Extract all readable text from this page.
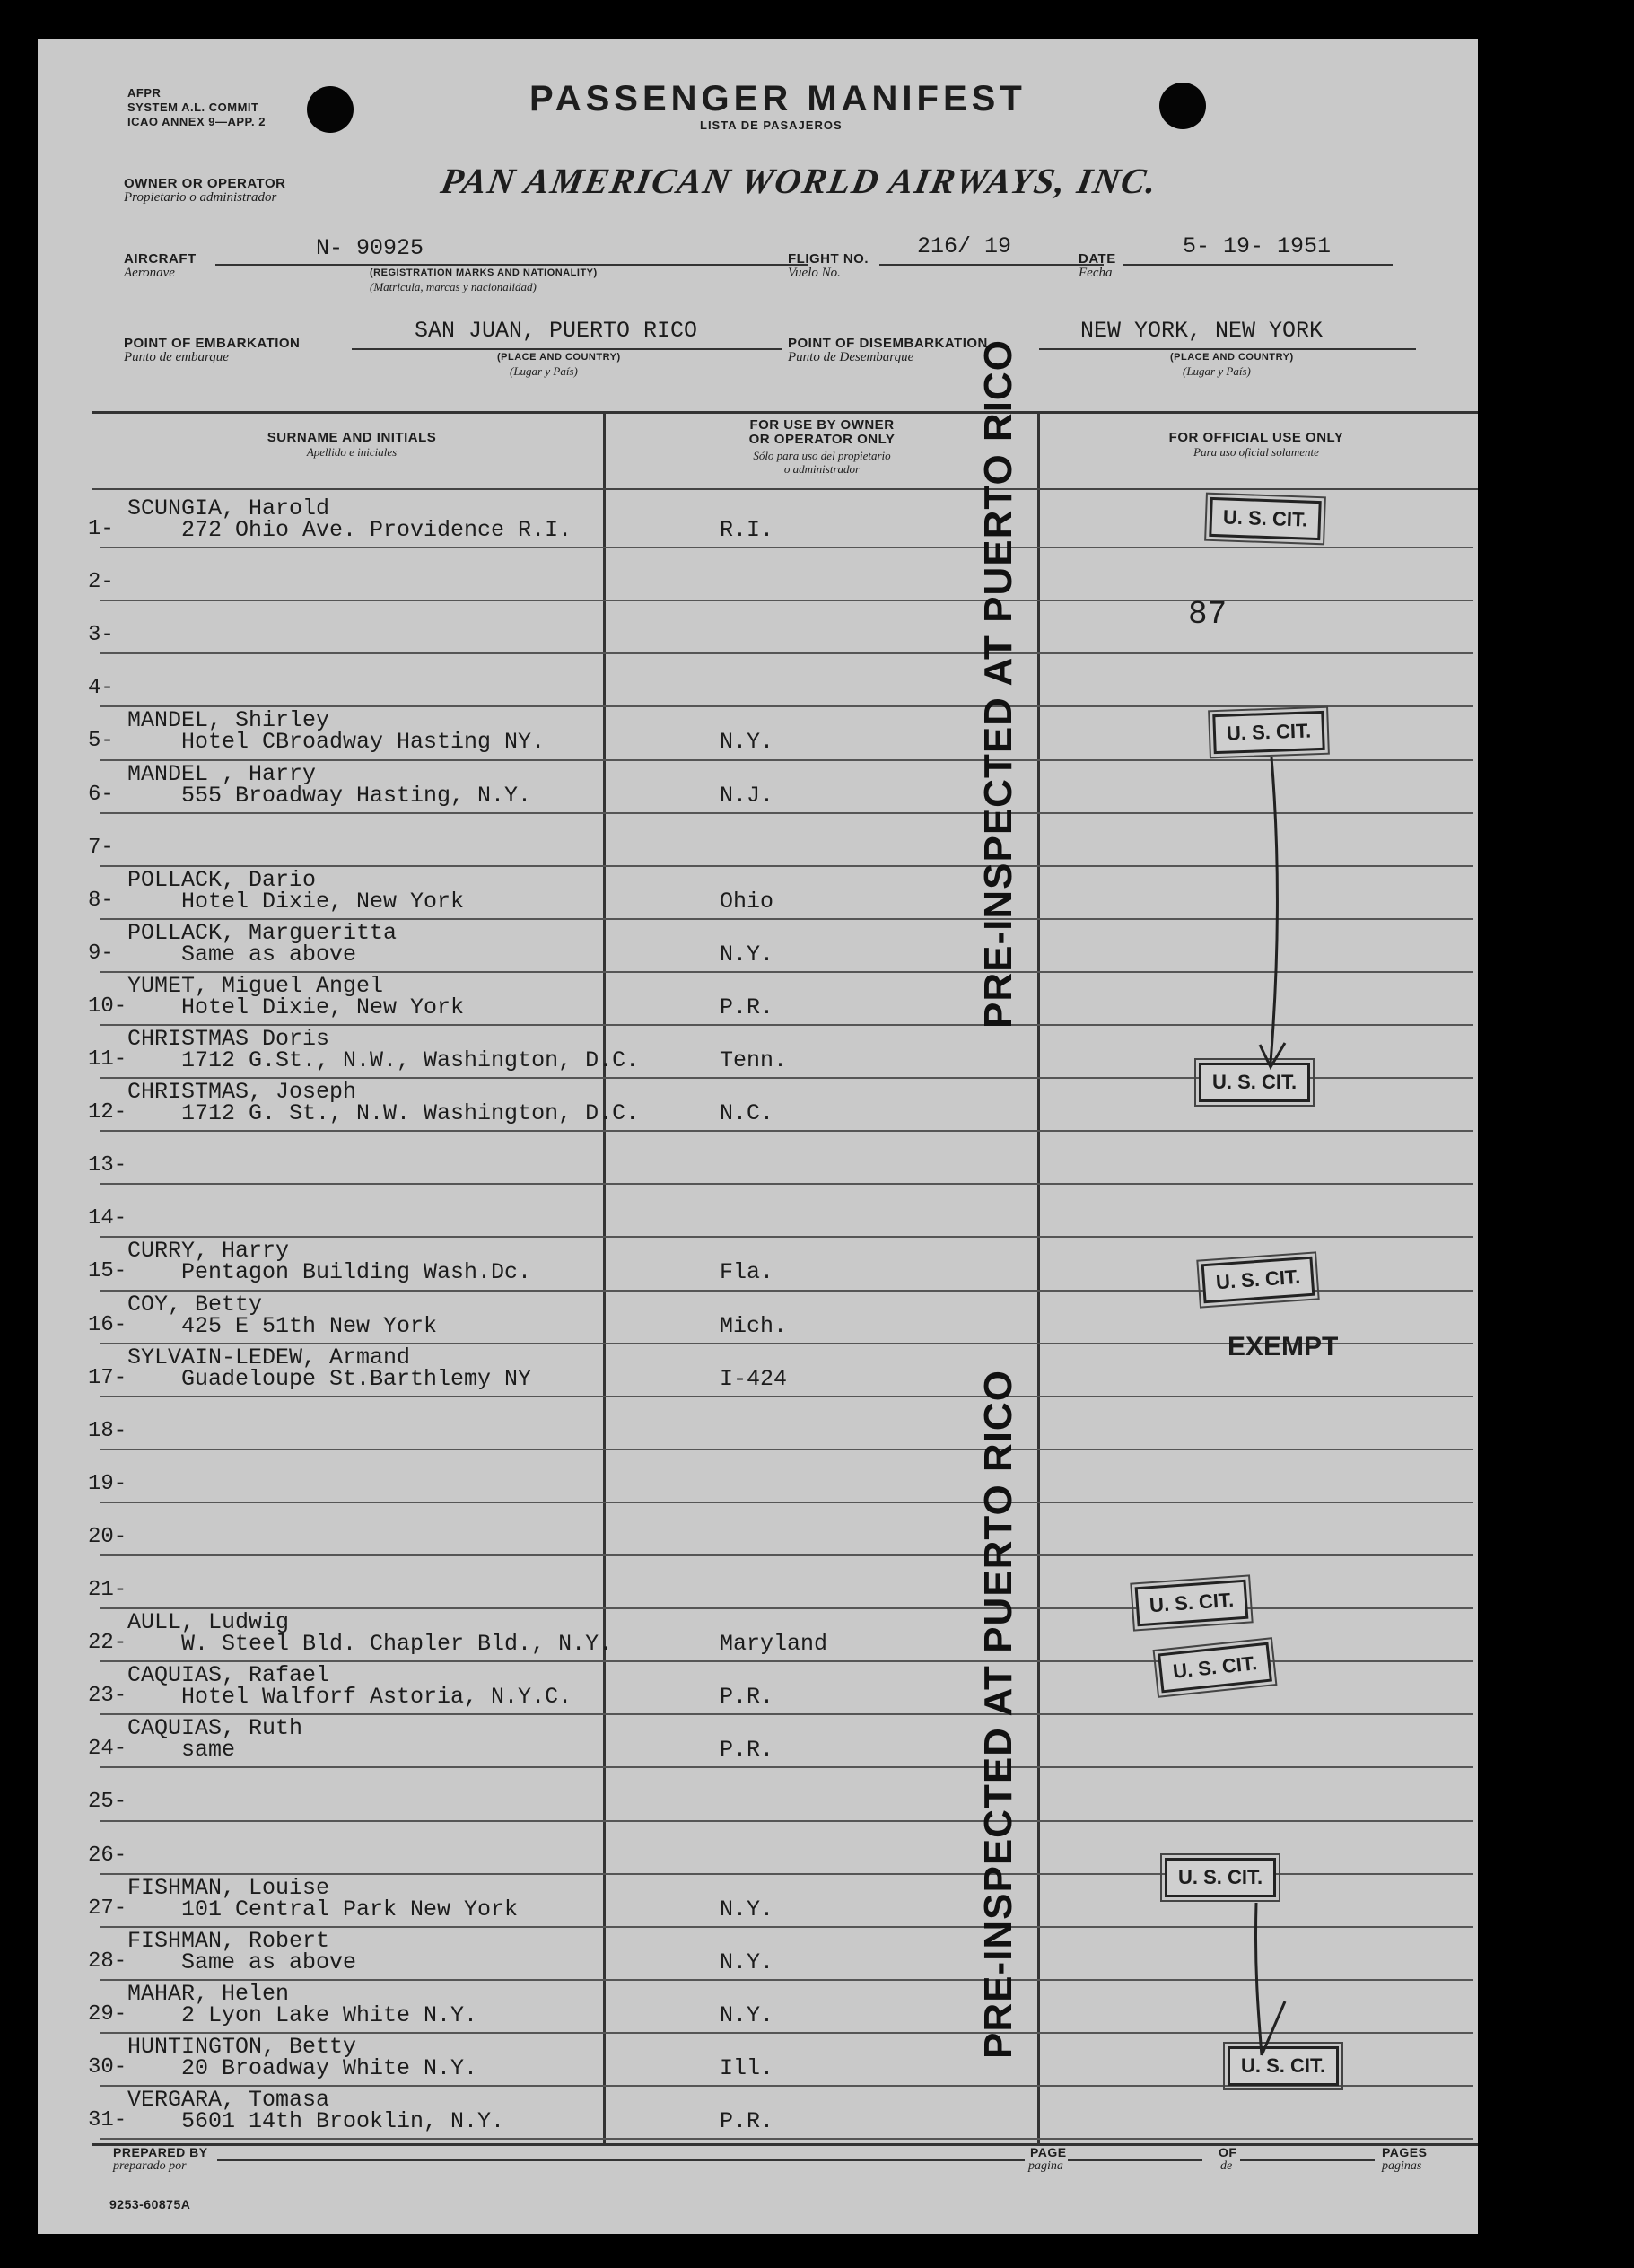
AFPR
SYSTEM A.L. COMMIT
ICAO ANNEX 9—APP. 2
PASSENGER MANIFEST
LISTA DE PASAJEROS
OWNER OR OPERATOR
Propietario o administrador	PAN AMERICAN WORLD AIRWAYS, INC.
AIRCRAFT
Aeronave
N- 90925
(REGISTRATION MARKS AND NATIONALITY)
(Matricula, marcas y nacionalidad)
FLIGHT NO.
Vuelo No.
216/ 19	DATE
Fecha
5- 19- 1951
POINT OF EMBARKATION
Punto de embarque
SAN JUAN, PUERTO RICO
(PLACE AND COUNTRY)
(Lugar y País)
POINT OF DISEMBARKATION
Punto de Desembarque
NEW YORK, NEW YORK
(PLACE AND COUNTRY)
(Lugar y País)
SURNAME AND INITIALS
Apellido e iniciales
FOR USE BY OWNER
OR OPERATOR ONLY
Sólo para uso del propietario
o administrador
FOR OFFICIAL USE ONLY
Para uso oficial solamente
1-
SCUNGIA, Harold
272 Ohio Ave. Providence R.I.	R.I.
2-
3-
4-
5-
MANDEL, Shirley
Hotel CBroadway Hasting NY.	N.Y.
6-
MANDEL , Harry
555 Broadway Hasting, N.Y.	N.J.
7-
8-
POLLACK, Dario
Hotel Dixie, New York	Ohio
9-
POLLACK, Margueritta
Same as above	N.Y.
10-
YUMET, Miguel Angel
Hotel Dixie, New York	P.R.
11-
CHRISTMAS Doris
1712 G.St., N.W., Washington, D.C.	Tenn.
12-
CHRISTMAS, Joseph
1712 G. St., N.W. Washington, D.C.	N.C.
13-
14-
15-
CURRY, Harry
Pentagon Building Wash.Dc.	Fla.
16-
COY, Betty
425 E 51th New York	Mich.
17-
SYLVAIN-LEDEW, Armand
Guadeloupe St.Barthlemy NY	I-424
18-
19-
20-
21-
22-
AULL, Ludwig
W. Steel Bld. Chapler Bld., N.Y.	Maryland
23-
CAQUIAS, Rafael
Hotel Walforf Astoria, N.Y.C.	P.R.
24-
CAQUIAS, Ruth
same	P.R.
25-
26-
27-
FISHMAN, Louise
101 Central Park New York	N.Y.
28-
FISHMAN, Robert
Same as above	N.Y.
29-
MAHAR, Helen
2 Lyon Lake White N.Y.	N.Y.
30-
HUNTINGTON, Betty
20 Broadway White N.Y.	Ill.
31-
VERGARA, Tomasa
5601 14th Brooklin, N.Y.	P.R.
PRE-INSPECTED AT PUERTO RICO
PRE-INSPECTED AT PUERTO RICO
U. S. CIT.
87
U. S. CIT.
U. S. CIT.
U. S. CIT.
EXEMPT
U. S. CIT.
U. S. CIT.
U. S. CIT.
U. S. CIT.
PREPARED BY
preparado por
PAGE
pagina
OF
de
PAGES
paginas
9253-60875A
